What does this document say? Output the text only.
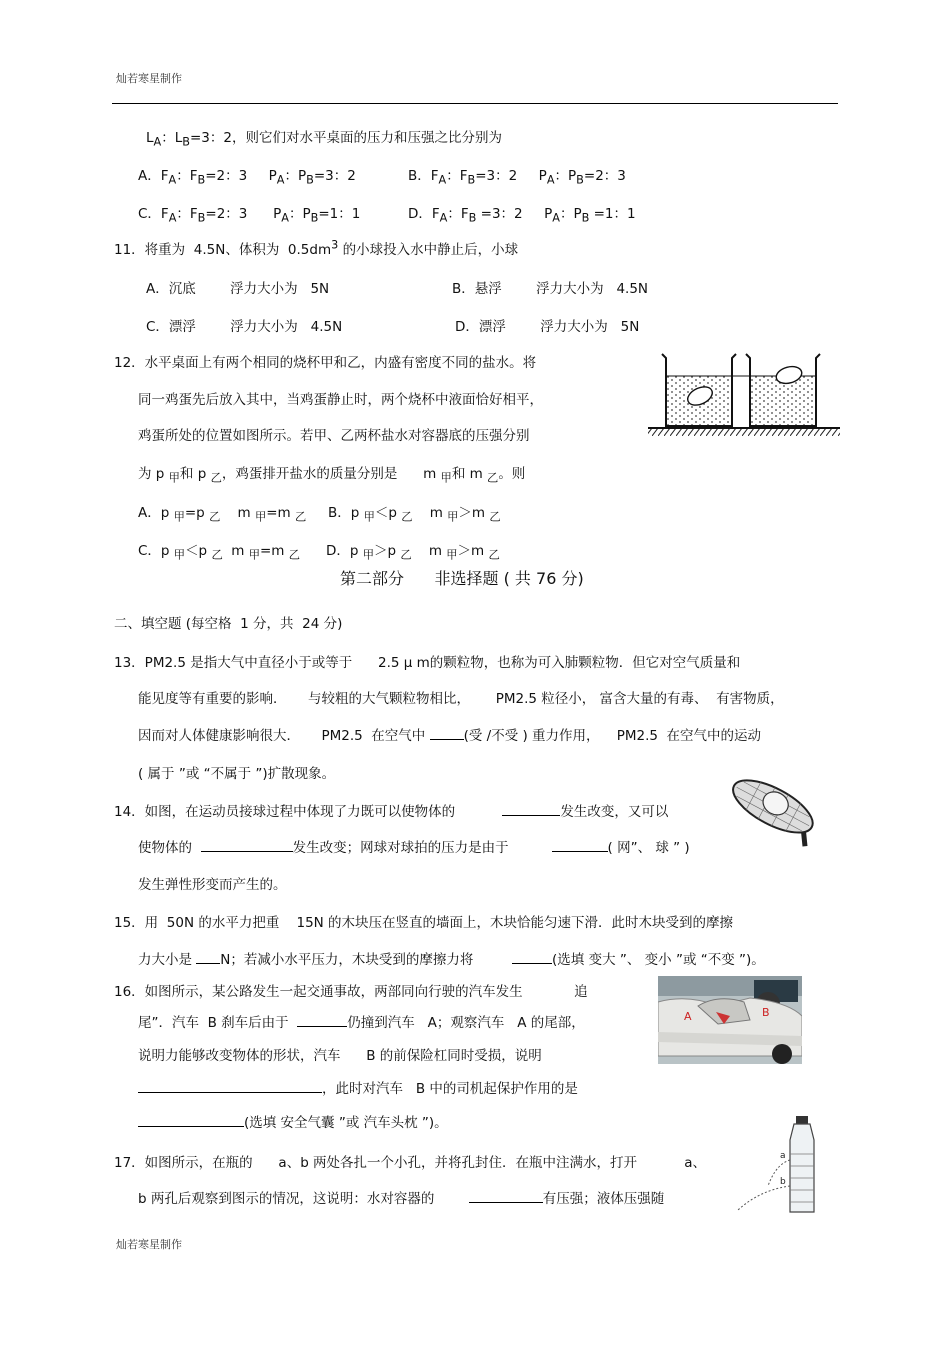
灿若寒星制作
$L_A$：$L_B=3$：2，则它们对水平桌面的压力和压强之比分别为
A．$F_A$：$F_B=2$：3     $P_A$：$P_B=3$：2	B．$F_A$：$F_B=3$：2     $P_A$：$P_B=2$：3
C．$F_A$：$F_B=2$：3      $P_A$：$P_B=1$：1	D．$F_A$：$F_B =3$：2     $P_A$：$P_B =1$：1
11．将重为  4.5N、体积为  $0.5dm^3$ 的小球投入水中静止后，小球
A．沉底        浮力大小为   5N	B．悬浮        浮力大小为   4.5N
C．漂浮        浮力大小为   4.5N	D．漂浮        浮力大小为   5N
12．水平桌面上有两个相同的烧杯甲和乙，内盛有密度不同的盐水。将
同一鸡蛋先后放入其中，当鸡蛋静止时，两个烧杯中液面恰好相平，
鸡蛋所处的位置如图所示。若甲、乙两杯盐水对容器底的压强分别
为 p $_甲$和 p $_乙$，鸡蛋排开盐水的质量分别是      m $_甲$和 m $_乙$。则
A．p $_甲$=p $_乙$    m $_甲$=m $_乙$ B．p $_甲$＜p $_乙$    m $_甲$＞m $_乙$
C．p $_甲$＜p $_乙$  m $_甲$=m $_乙$ D．p $_甲$＞p $_乙$    m $_甲$＞m $_乙$
第二部分      非选择题 ( 共 76 分)
二、填空题 (每空格  1 分，共  24 分)
13．PM2.5 是指大气中直径小于或等于      2.5 μ m的颗粒物，也称为可入肺颗粒物．但它对空气质量和
能见度等有重要的影响．     与较粗的大气颗粒物相比，      PM2.5 粒径小， 富含大量的有毒、  有害物质，
因而对人体健康影响很大．     PM2.5  在空气中	(受 /不受 ) 重力作用，    PM2.5  在空气中的运动
( 属于 ”或 “不属于 ”)扩散现象。
14．如图，在运动员接球过程中体现了力既可以使物体的	发生改变，又可以
使物体的	发生改变；网球对球拍的压力是由于	( 网”、 球 ” )
发生弹性形变而产生的。
15．用  50N 的水平力把重    15N 的木块压在竖直的墙面上，木块恰能匀速下滑．此时木块受到的摩擦
力大小是 N；若减小水平压力，木块受到的摩擦力将	(选填 变大 ”、 变小 ”或 “不变 ”)。
16．如图所示，某公路发生一起交通事故，两部同向行驶的汽车发生            追
尾”．汽车  B 刹车后由于	仍撞到汽车   A；观察汽车   A 的尾部，
说明力能够改变物体的形状，汽车      B 的前保险杠同时受损，说明
，此时对汽车   B 中的司机起保护作用的是
(选填 安全气囊 ”或 汽车头枕 ”)。
A	B
17．如图所示，在瓶的      a、b 两处各扎一个小孔，并将孔封住．在瓶中注满水，打开           a、
b 两孔后观察到图示的情况，这说明：水对容器的	有压强；液体压强随
a
b
灿若寒星制作
